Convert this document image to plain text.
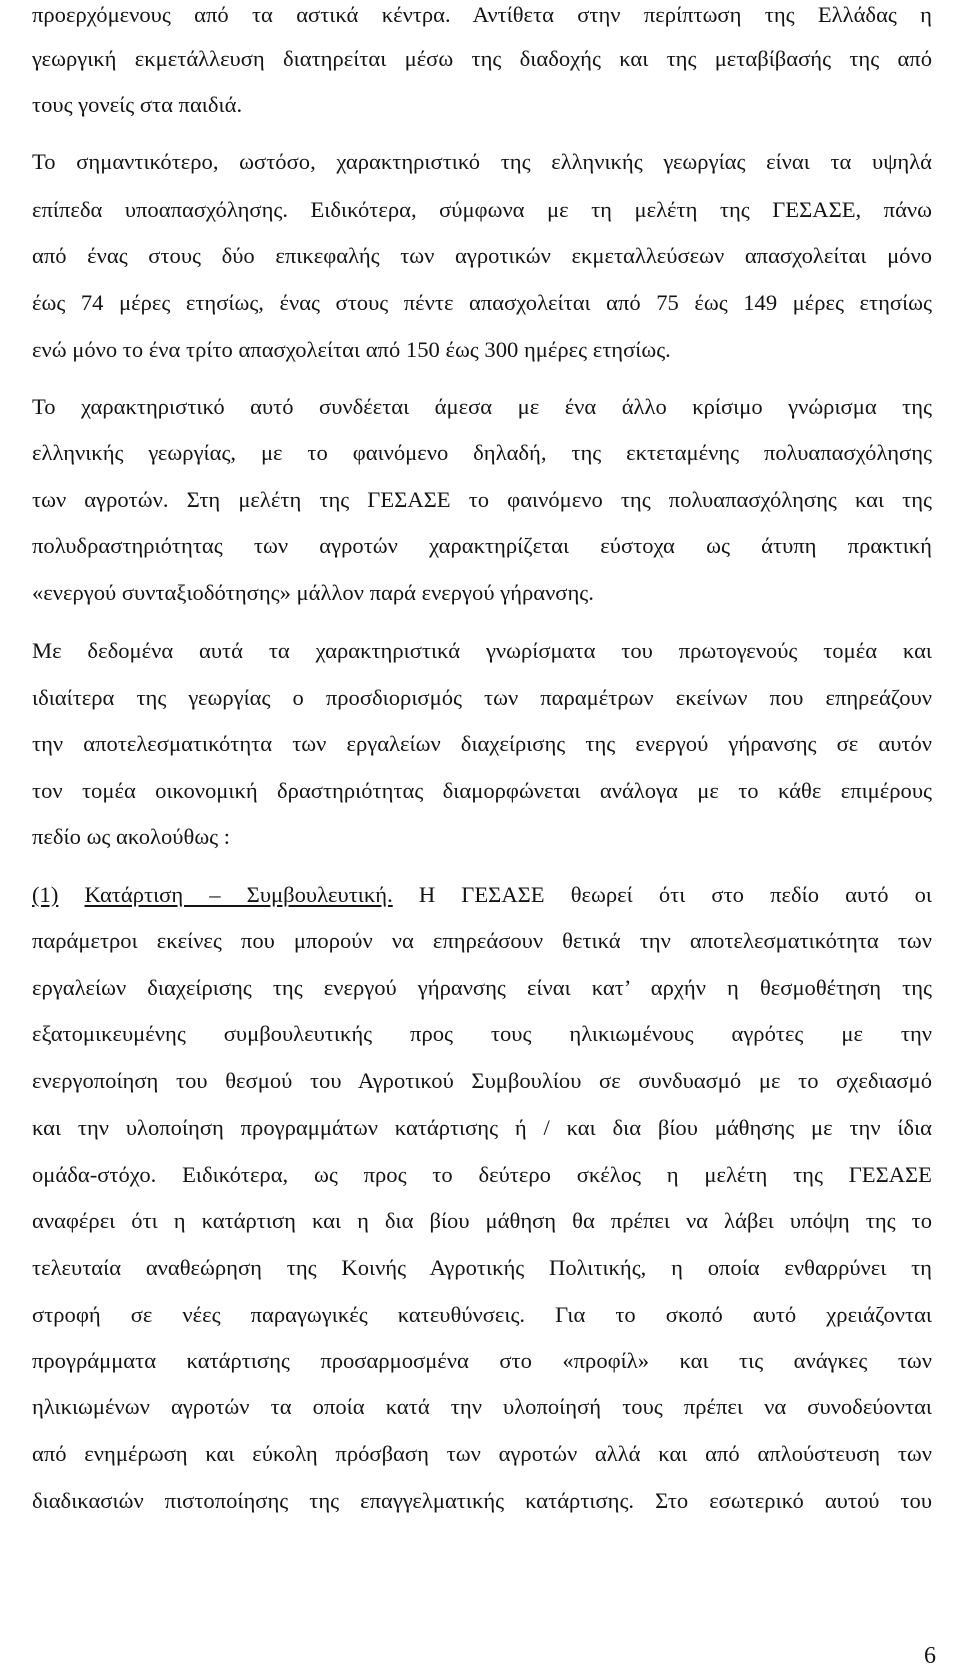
προερχόμενους από τα αστικά κέντρα. Αντίθετα στην περίπτωση της Ελλάδας η
γεωργική εκμετάλλευση διατηρείται μέσω της διαδοχής και της μεταβίβασής της από
τους γονείς στα παιδιά.
Το σημαντικότερο, ωστόσο, χαρακτηριστικό της ελληνικής γεωργίας είναι τα υψηλά
επίπεδα υποαπασχόλησης. Ειδικότερα, σύμφωνα με τη μελέτη της ΓΕΣΑΣΕ, πάνω
από ένας στους δύο επικεφαλής των αγροτικών εκμεταλλεύσεων απασχολείται μόνο
έως 74 μέρες ετησίως, ένας στους πέντε απασχολείται από 75 έως 149 μέρες ετησίως
ενώ μόνο το ένα τρίτο απασχολείται από 150 έως 300 ημέρες ετησίως.
Το χαρακτηριστικό αυτό συνδέεται άμεσα με ένα άλλο κρίσιμο γνώρισμα της
ελληνικής γεωργίας, με το φαινόμενο δηλαδή, της εκτεταμένης πολυαπασχόλησης
των αγροτών. Στη μελέτη της ΓΕΣΑΣΕ το φαινόμενο της πολυαπασχόλησης και της
πολυδραστηριότητας των αγροτών χαρακτηρίζεται εύστοχα ως άτυπη πρακτική
«ενεργού συνταξιοδότησης» μάλλον παρά ενεργού γήρανσης.
Με δεδομένα αυτά τα χαρακτηριστικά γνωρίσματα του πρωτογενούς τομέα και
ιδιαίτερα της γεωργίας ο προσδιορισμός των παραμέτρων εκείνων που επηρεάζουν
την αποτελεσματικότητα των εργαλείων διαχείρισης της ενεργού γήρανσης σε αυτόν
τον τομέα οικονομική δραστηριότητας διαμορφώνεται ανάλογα με το κάθε επιμέρους
πεδίο ως ακολούθως :
(1) Κατάρτιση – Συμβουλευτική. Η ΓΕΣΑΣΕ θεωρεί ότι στο πεδίο αυτό οι
παράμετροι εκείνες που μπορούν να επηρεάσουν θετικά την αποτελεσματικότητα των
εργαλείων διαχείρισης της ενεργού γήρανσης είναι κατ’ αρχήν η θεσμοθέτηση της
εξατομικευμένης συμβουλευτικής προς τους ηλικιωμένους αγρότες με την
ενεργοποίηση του θεσμού του Αγροτικού Συμβουλίου σε συνδυασμό με το σχεδιασμό
και την υλοποίηση προγραμμάτων κατάρτισης ή / και δια βίου μάθησης με την ίδια
ομάδα-στόχο. Ειδικότερα, ως προς το δεύτερο σκέλος η μελέτη της ΓΕΣΑΣΕ
αναφέρει ότι η κατάρτιση και η δια βίου μάθηση θα πρέπει να λάβει υπόψη της το
τελευταία αναθεώρηση της Κοινής Αγροτικής Πολιτικής, η οποία ενθαρρύνει τη
στροφή σε νέες παραγωγικές κατευθύνσεις. Για το σκοπό αυτό χρειάζονται
προγράμματα κατάρτισης προσαρμοσμένα στο «προφίλ» και τις ανάγκες των
ηλικιωμένων αγροτών τα οποία κατά την υλοποίησή τους πρέπει να συνοδεύονται
από ενημέρωση και εύκολη πρόσβαση των αγροτών αλλά και από απλούστευση των
διαδικασιών πιστοποίησης της επαγγελματικής κατάρτισης. Στο εσωτερικό αυτού του
6
